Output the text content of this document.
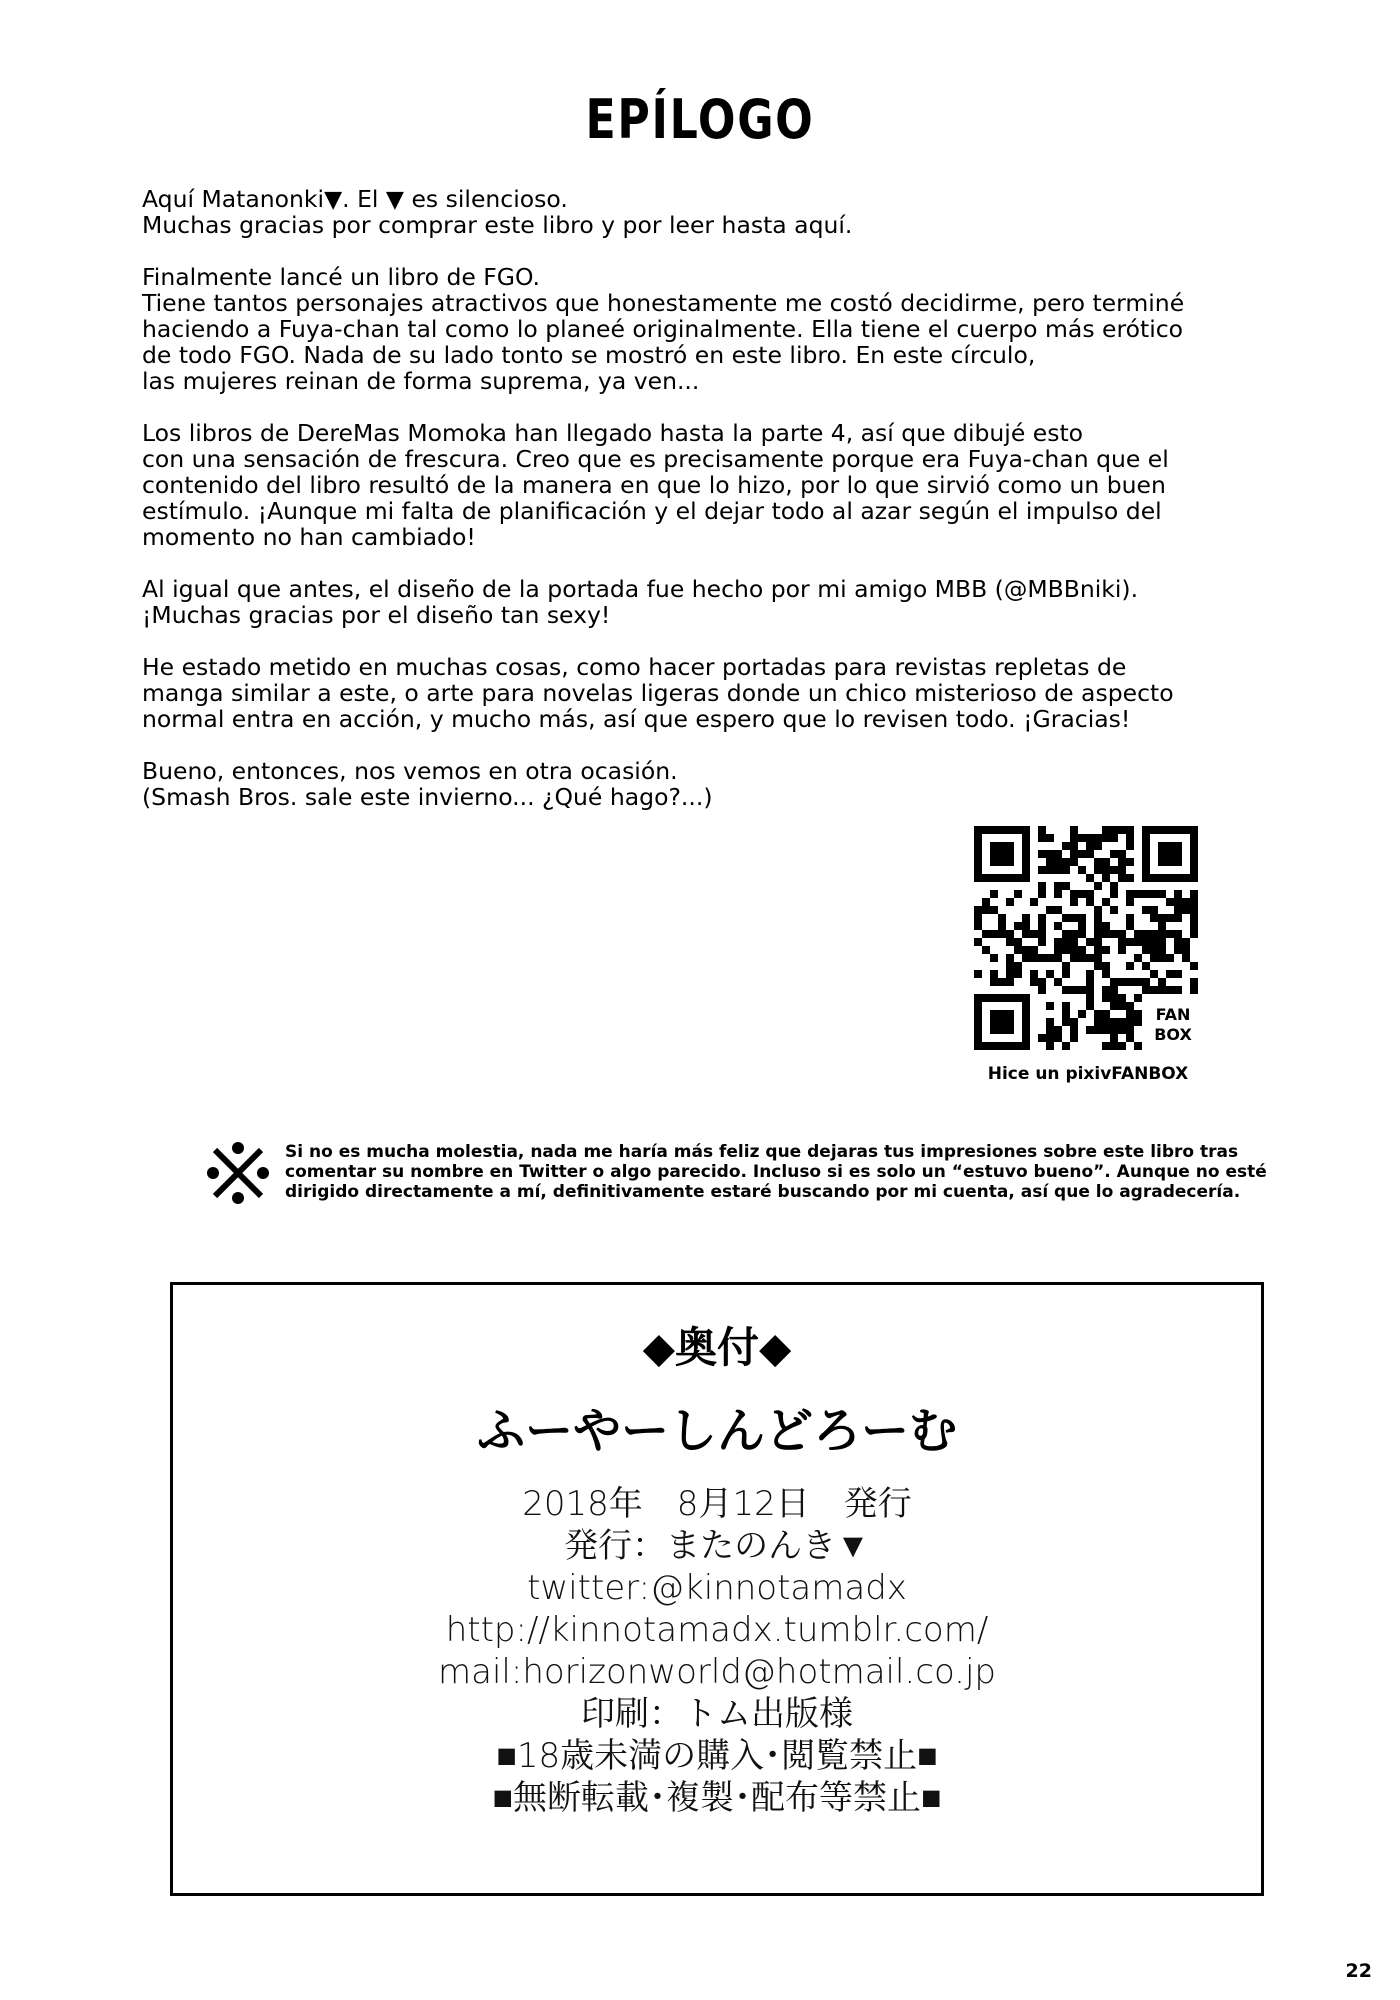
EPÍLOGO

Aquí Matanonki▼. El ▼ es silencioso.
Muchas gracias por comprar este libro y por leer hasta aquí.

Finalmente lancé un libro de FGO.
Tiene tantos personajes atractivos que honestamente me costó decidirme, pero terminé
haciendo a Fuya-chan tal como lo planeé originalmente. Ella tiene el cuerpo más erótico
de todo FGO. Nada de su lado tonto se mostró en este libro. En este círculo,
las mujeres reinan de forma suprema, ya ven...

Los libros de DereMas Momoka han llegado hasta la parte 4, así que dibujé esto
con una sensación de frescura. Creo que es precisamente porque era Fuya-chan que el
contenido del libro resultó de la manera en que lo hizo, por lo que sirvió como un buen
estímulo. ¡Aunque mi falta de planificación y el dejar todo al azar según el impulso del
momento no han cambiado!

Al igual que antes, el diseño de la portada fue hecho por mi amigo MBB (@MBBniki).
¡Muchas gracias por el diseño tan sexy!

He estado metido en muchas cosas, como hacer portadas para revistas repletas de
manga similar a este, o arte para novelas ligeras donde un chico misterioso de aspecto
normal entra en acción, y mucho más, así que espero que lo revisen todo. ¡Gracias!

Bueno, entonces, nos vemos en otra ocasión.
(Smash Bros. sale este invierno... ¿Qué hago?...)

FAN
BOX
Hice un pixivFANBOX
Si no es mucha molestia, nada me haría más feliz que dejaras tus impresiones sobre este libro tras
comentar su nombre en Twitter o algo parecido. Incluso si es solo un “estuvo bueno”. Aunque no esté
dirigido directamente a mí, definitivamente estaré buscando por mi cuenta, así que lo agradecería.
◆奥付◆
ふーやーしんどろーむ
2018年　8月12日　発行
発行：またのんき▼
twitter:@kinnotamadx
http://kinnotamadx.tumblr.com/
mail:horizonworld@hotmail.co.jp
印刷：トム出版様
■18歳未満の購入･閲覧禁止■
■無断転載･複製･配布等禁止■
22
